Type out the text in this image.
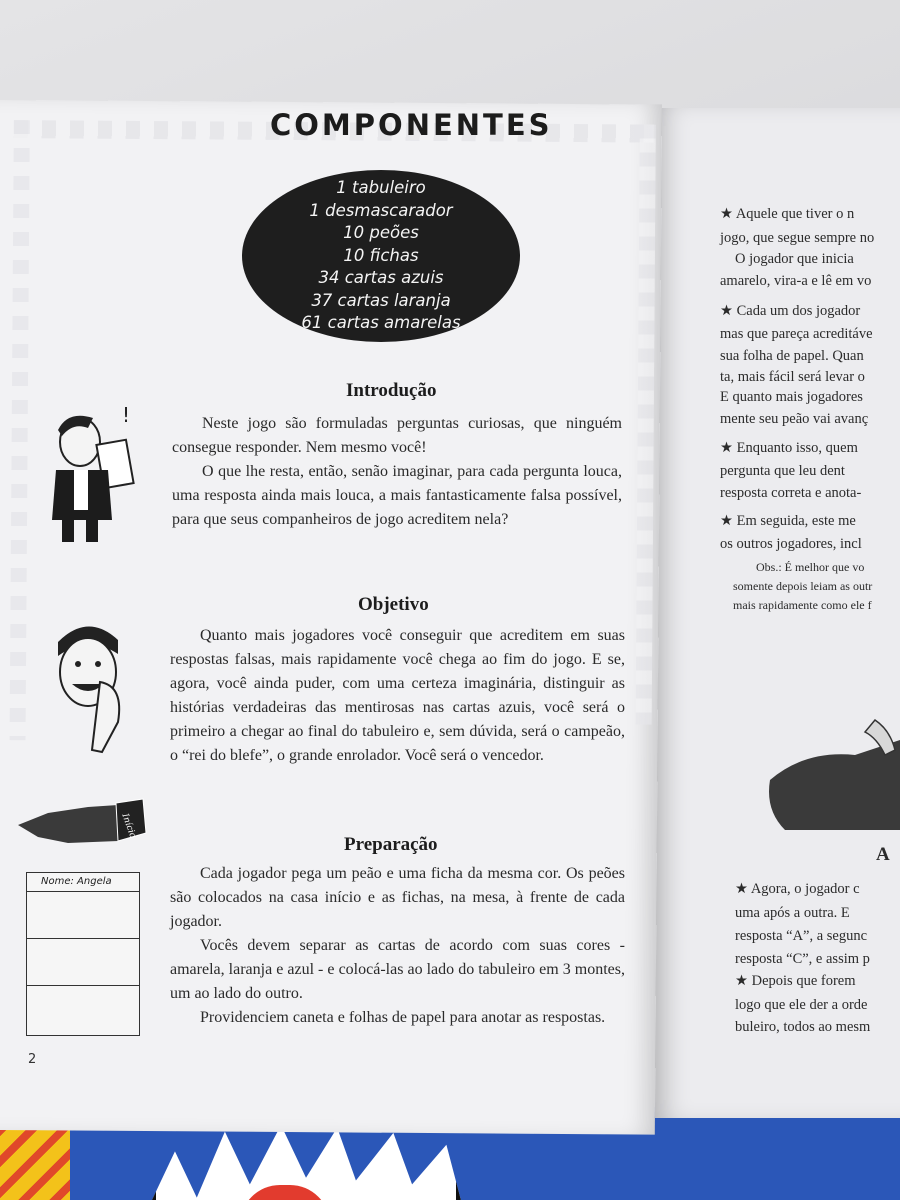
★ Aquele que tiver o n
jogo, que segue sempre no
O jogador que inicia
amarelo, vira-a e lê em vo
★ Cada um dos jogador
mas que pareça acreditáve
sua folha de papel. Quan
ta, mais fácil será levar o
E quanto mais jogadores
mente seu peão vai avanç
★ Enquanto isso, quem
pergunta que leu dent
resposta correta e anota-
★ Em seguida, este me
os outros jogadores, incl
Obs.: É melhor que vo
somente depois leiam as outr
mais rapidamente como ele f
A
★ Agora, o jogador c
uma após a outra. E
resposta “A”, a segunc
resposta “C”, e assim p
★ Depois que forem
logo que ele der a orde
buleiro, todos ao mesm
COMPONENTES
1 tabuleiro
1 desmascarador
10 peões
10 fichas
34 cartas azuis
37 cartas laranja
61 cartas amarelas
Introdução

Neste jogo são formuladas perguntas curiosas, que ninguém consegue responder. Nem mesmo você!

O que lhe resta, então, senão imaginar, para cada pergunta louca, uma resposta ainda mais louca, a mais fantasticamente falsa possível, para que seus companheiros de jogo acreditem nela?

Objetivo

Quanto mais jogadores você conseguir que acreditem em suas respostas falsas, mais rapidamente você chega ao fim do jogo. E se, agora, você ainda puder, com uma certeza imaginária, distinguir as histórias verdadeiras das mentirosas nas cartas azuis, você será o primeiro a chegar ao final do tabuleiro e, sem dúvida, será o campeão, o “rei do blefe”, o grande enrolador. Você será o vencedor.

Preparação

Cada jogador pega um peão e uma ficha da mesma cor. Os peões são colocados na casa início e as fichas, na mesa, à frente de cada jogador.

Vocês devem separar as cartas de acordo com suas cores - amarela, laranja e azul - e colocá-las ao lado do tabuleiro em 3 montes, um ao lado do outro.

Providenciem caneta e folhas de papel para anotar as respostas.

!
Início
Nome: Angela
2
